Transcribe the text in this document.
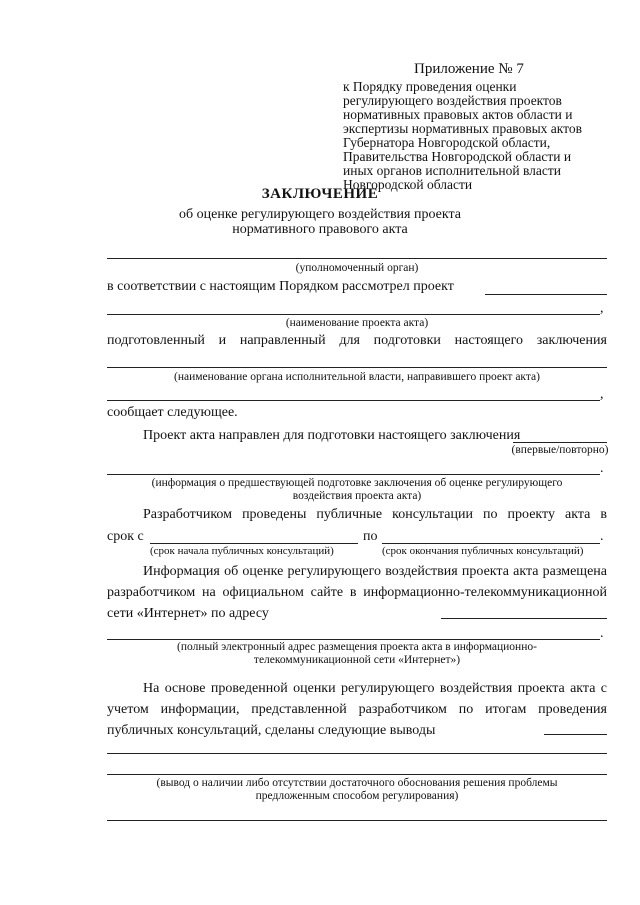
Приложение № 7
к Порядку проведения оценки регулирующего воздействия проектов нормативных правовых актов области и экспертизы нормативных правовых актов Губернатора Новгородской области, Правительства Новгородской области и иных органов исполнительной власти Новгородской области
ЗАКЛЮЧЕНИЕ
об оценке регулирующего воздействия проекта
нормативного правового акта
(уполномоченный орган)
в соответствии с настоящим Порядком рассмотрел проект
,
(наименование проекта акта)
подготовленный и направленный для подготовки настоящего заключения
(наименование органа исполнительной власти, направившего проект акта)
,
сообщает следующее.
Проект акта направлен для подготовки настоящего заключения
(впервые/повторно)
.
(информация о предшествующей подготовке заключения об оценке регулирующего
воздействия проекта акта)
Разработчиком проведены публичные консультации по проекту акта в
срок с	по	.
(срок начала публичных консультаций)	(срок окончания публичных консультаций)
Информация об оценке регулирующего воздействия проекта акта размещена разработчиком на официальном сайте в информационно-телекоммуникационной сети «Интернет» по адресу
.
(полный электронный адрес размещения проекта акта в информационно-
телекоммуникационной сети «Интернет»)
На основе проведенной оценки регулирующего воздействия проекта акта с учетом информации, представленной разработчиком по итогам проведения публичных консультаций, сделаны следующие выводы
(вывод о наличии либо отсутствии достаточного обоснования решения проблемы
предложенным способом регулирования)
